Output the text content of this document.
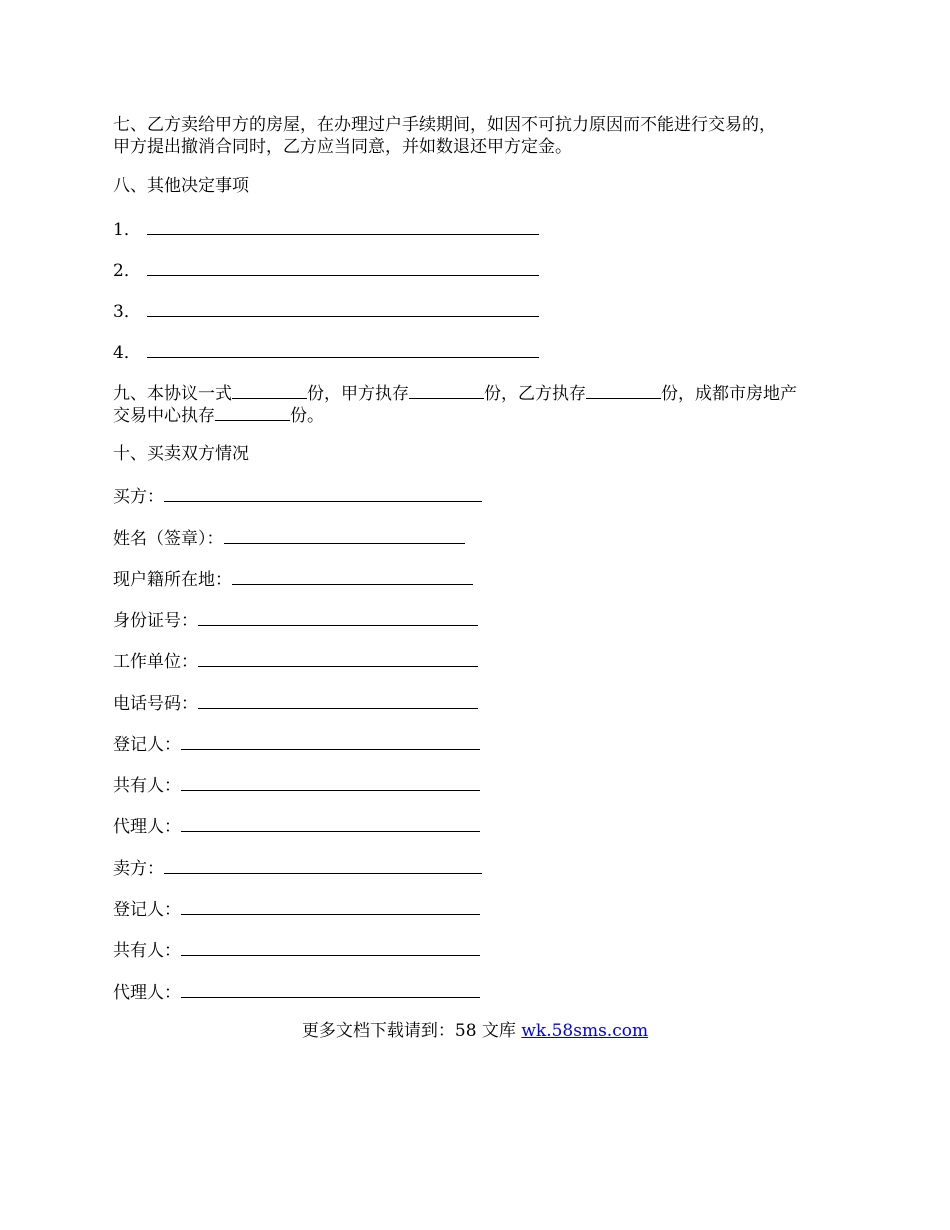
七、乙方卖给甲方的房屋，在办理过户手续期间，如因不可抗力原因而不能进行交易的，
甲方提出撤消合同时，乙方应当同意，并如数退还甲方定金。
八、其他决定事项
1．
2．
3．
4．
九、本协议一式	份，甲方执存	份，乙方执存	份，成都市房地产
交易中心执存	份。
十、买卖双方情况
买方：
姓名（签章）：
现户籍所在地：
身份证号：
工作单位：
电话号码：
登记人：
共有人：
代理人：
卖方：
登记人：
共有人：
代理人：
更多文档下载请到：58 文库 wk.58sms.com
